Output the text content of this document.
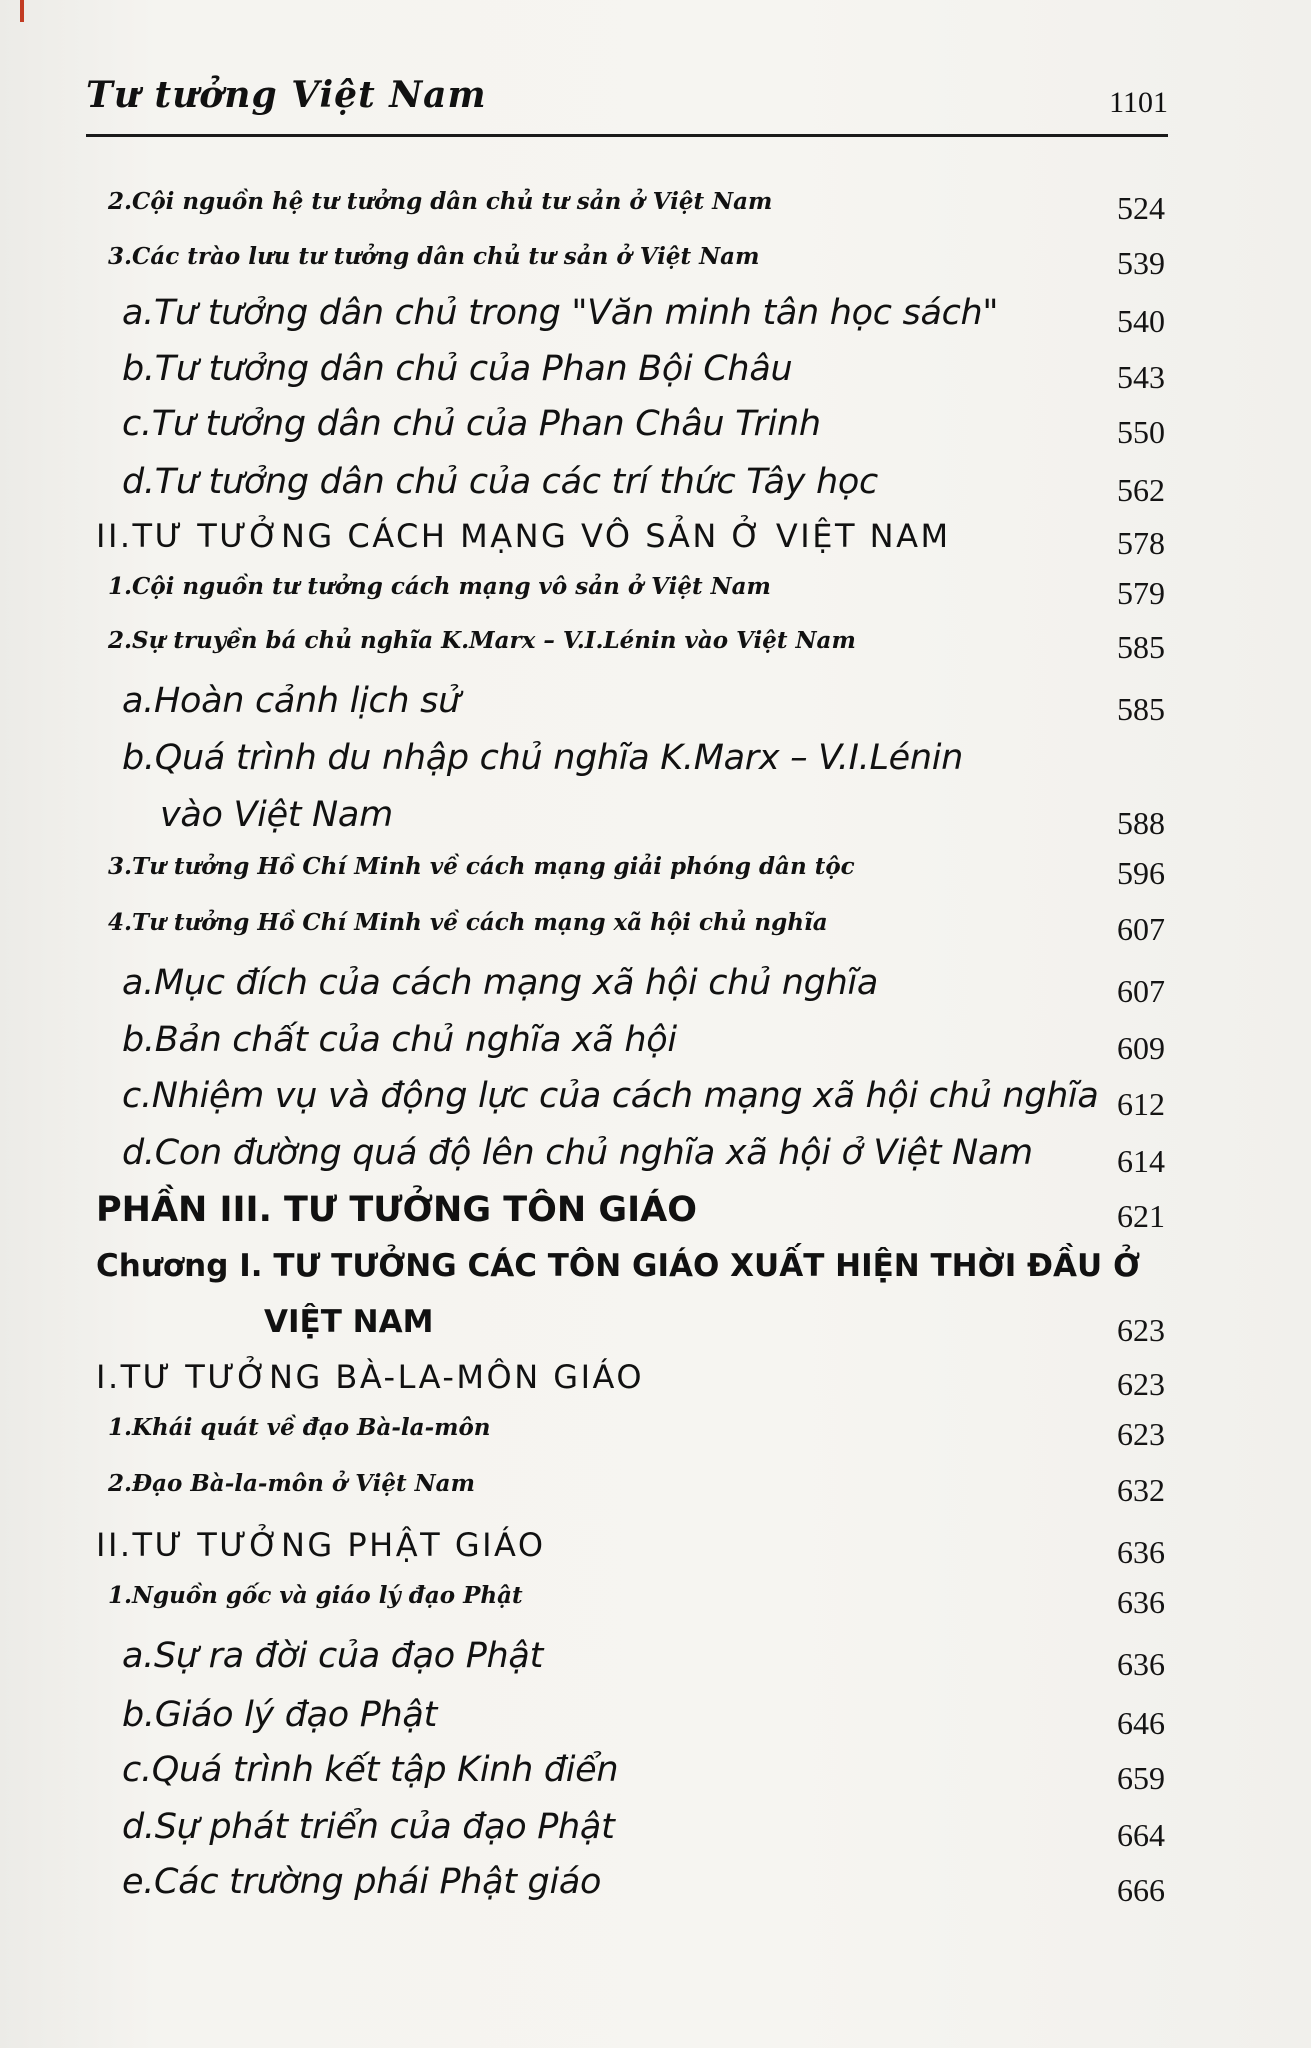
Tư tưởng Việt Nam	1101
2.Cội nguồn hệ tư tưởng dân chủ tư sản ở Việt Nam	524
3.Các trào lưu tư tưởng dân chủ tư sản ở Việt Nam	539
a.Tư tưởng dân chủ trong "Văn minh tân học sách"	540
b.Tư tưởng dân chủ của Phan Bội Châu	543
c.Tư tưởng dân chủ của Phan Châu Trinh	550
d.Tư tưởng dân chủ của các trí thức Tây học	562
II.TƯ TƯỞNG CÁCH MẠNG VÔ SẢN Ở VIỆT NAM	578
1.Cội nguồn tư tưởng cách mạng vô sản ở Việt Nam	579
2.Sự truyền bá chủ nghĩa K.Marx – V.I.Lénin vào Việt Nam	585
a.Hoàn cảnh lịch sử	585
b.Quá trình du nhập chủ nghĩa K.Marx – V.I.Lénin
vào Việt Nam	588
3.Tư tưởng Hồ Chí Minh về cách mạng giải phóng dân tộc	596
4.Tư tưởng Hồ Chí Minh về cách mạng xã hội chủ nghĩa	607
a.Mục đích của cách mạng xã hội chủ nghĩa	607
b.Bản chất của chủ nghĩa xã hội	609
c.Nhiệm vụ và động lực của cách mạng xã hội chủ nghĩa 612
d.Con đường quá độ lên chủ nghĩa xã hội ở Việt Nam	614
PHẦN III. TƯ TƯỞNG TÔN GIÁO	621
Chương I. TƯ TƯỞNG CÁC TÔN GIÁO XUẤT HIỆN THỜI ĐẦU Ở
VIỆT NAM	623
I.TƯ TƯỞNG BÀ-LA-MÔN GIÁO	623
1.Khái quát về đạo Bà-la-môn	623
2.Đạo Bà-la-môn ở Việt Nam	632
II.TƯ TƯỞNG PHẬT GIÁO	636
1.Nguồn gốc và giáo lý đạo Phật	636
a.Sự ra đời của đạo Phật	636
b.Giáo lý đạo Phật	646
c.Quá trình kết tập Kinh điển	659
d.Sự phát triển của đạo Phật	664
e.Các trường phái Phật giáo	666
